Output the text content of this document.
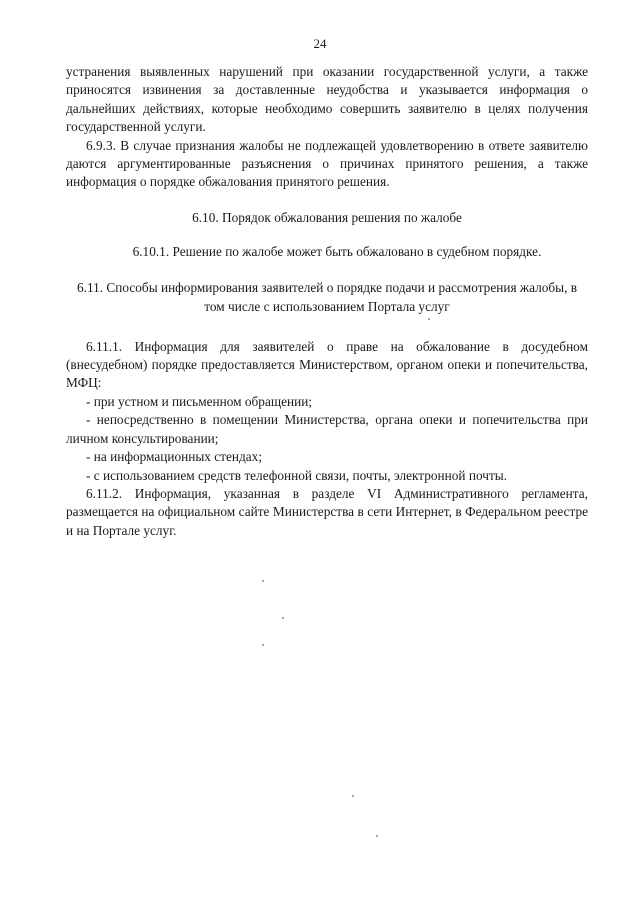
24

устранения выявленных нарушений при оказании государственной услуги, а также приносятся извинения за доставленные неудобства и указывается информация о дальнейших действиях, которые необходимо совершить заявителю в целях получения государственной услуги.

6.9.3. В случае признания жалобы не подлежащей удовлетворению в ответе заявителю даются аргументированные разъяснения о причинах принятого решения, а также информация о порядке обжалования принятого решения.

6.10. Порядок обжалования решения по жалобе

6.10.1. Решение по жалобе может быть обжаловано в судебном порядке.

6.11. Способы информирования заявителей о порядке подачи и рассмотрения жалобы, в том числе с использованием Портала услуг

6.11.1. Информация для заявителей о праве на обжалование в досудебном (внесудебном) порядке предоставляется Министерством, органом опеки и попечительства, МФЦ:

- при устном и письменном обращении;

- непосредственно в помещении Министерства, органа опеки и попечительства при личном консультировании;

- на информационных стендах;

- с использованием средств телефонной связи, почты, электронной почты.

6.11.2. Информация, указанная в разделе VI Административного регламента, размещается на официальном сайте Министерства в сети Интернет, в Федеральном реестре и на Портале услуг.
